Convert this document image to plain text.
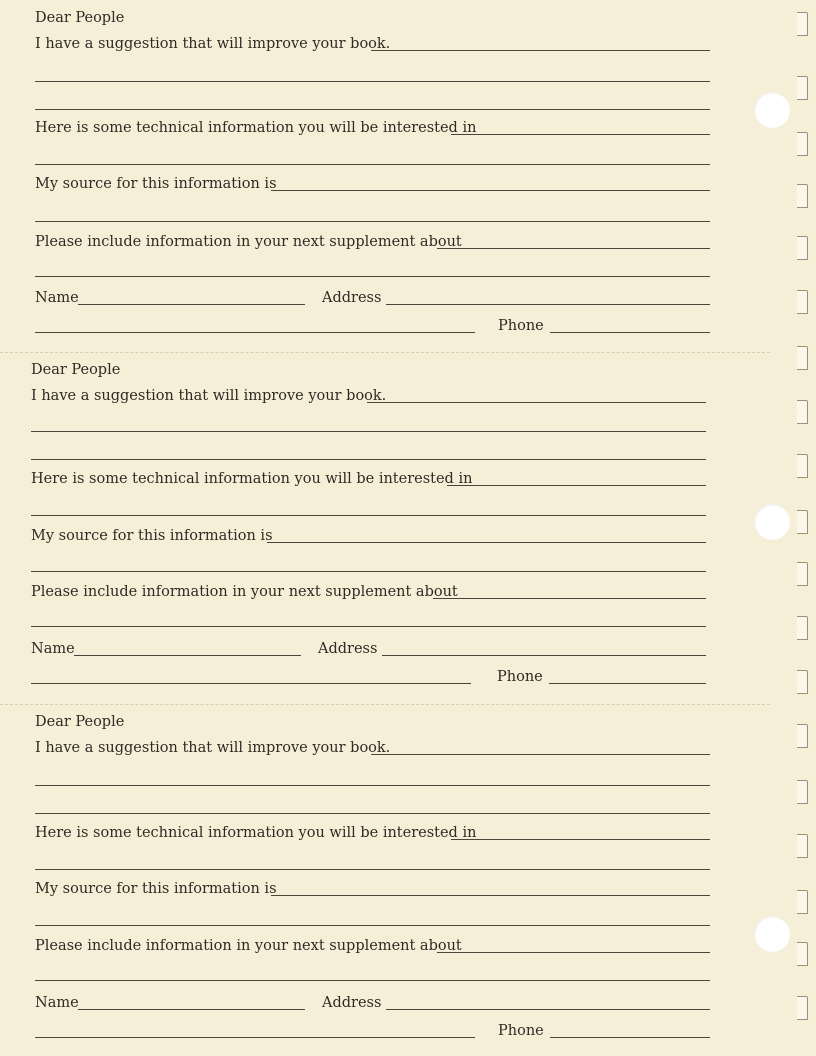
Dear People
I have a suggestion that will improve your book.
Here is some technical information you will be interested in
My source for this information is
Please include information in your next supplement about
Name	Address
Phone
Dear People
I have a suggestion that will improve your book.
Here is some technical information you will be interested in
My source for this information is
Please include information in your next supplement about
Name	Address
Phone
Dear People
I have a suggestion that will improve your book.
Here is some technical information you will be interested in
My source for this information is
Please include information in your next supplement about
Name	Address
Phone
